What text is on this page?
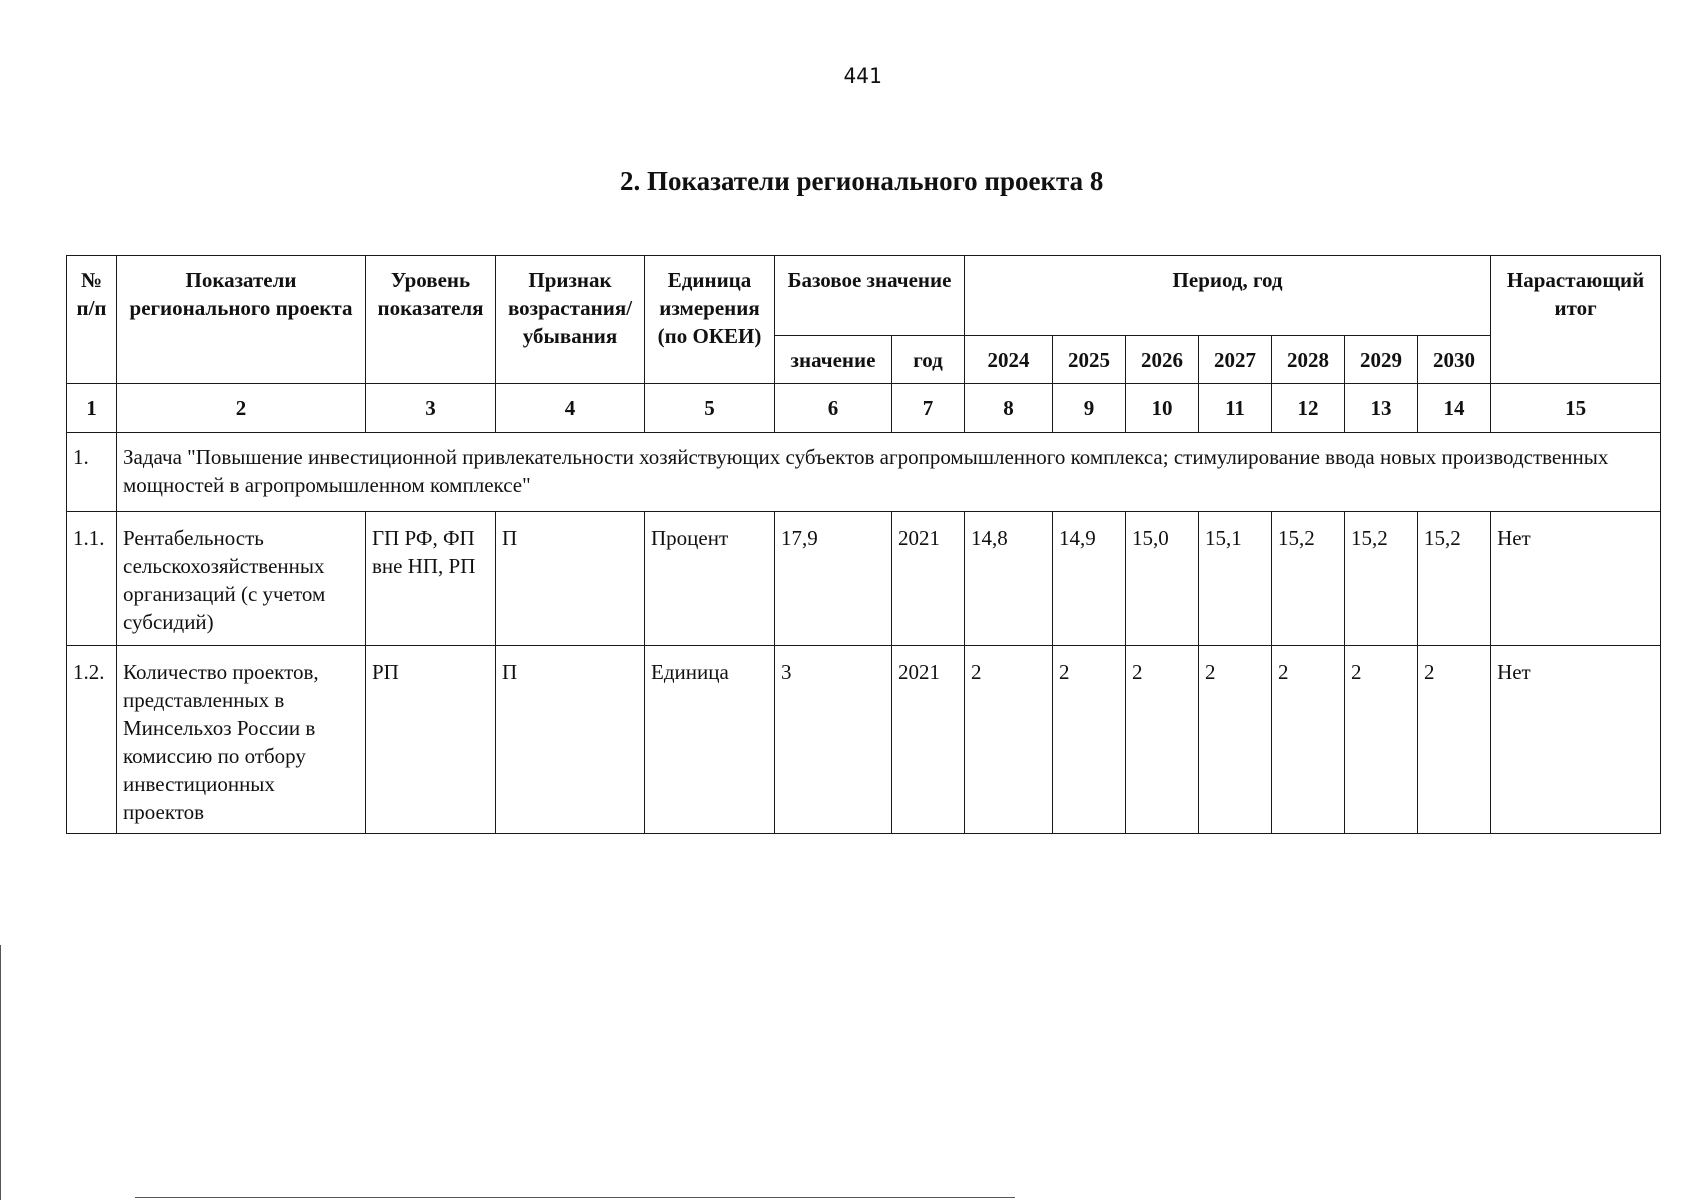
441
2. Показатели регионального проекта 8
№ п/п	Показатели регионального проекта	Уровень показателя	Признак возрастания/ убывания	Единица измерения (по ОКЕИ)	Базовое значение		Период, год							Нарастающий итог
					значение	год	2024	2025	2026	2027	2028	2029	2030	
1	2	3	4	5	6	7	8	9	10	11	12	13	14	15
1.	Задача "Повышение инвестиционной привлекательности хозяйствующих субъектов агропромышленного комплекса; стимулирование ввода новых производственных мощностей в агропромышленном комплексе"													
1.1.	Рентабельность сельскохозяйственных организаций (с учетом субсидий)	ГП РФ, ФП вне НП, РП	П	Процент	17,9	2021	14,8	14,9	15,0	15,1	15,2	15,2	15,2	Нет
1.2.	Количество проектов, представленных в Минсельхоз России в комиссию по отбору инвестиционных проектов	РП	П	Единица	3	2021	2	2	2	2	2	2	2	Нет
